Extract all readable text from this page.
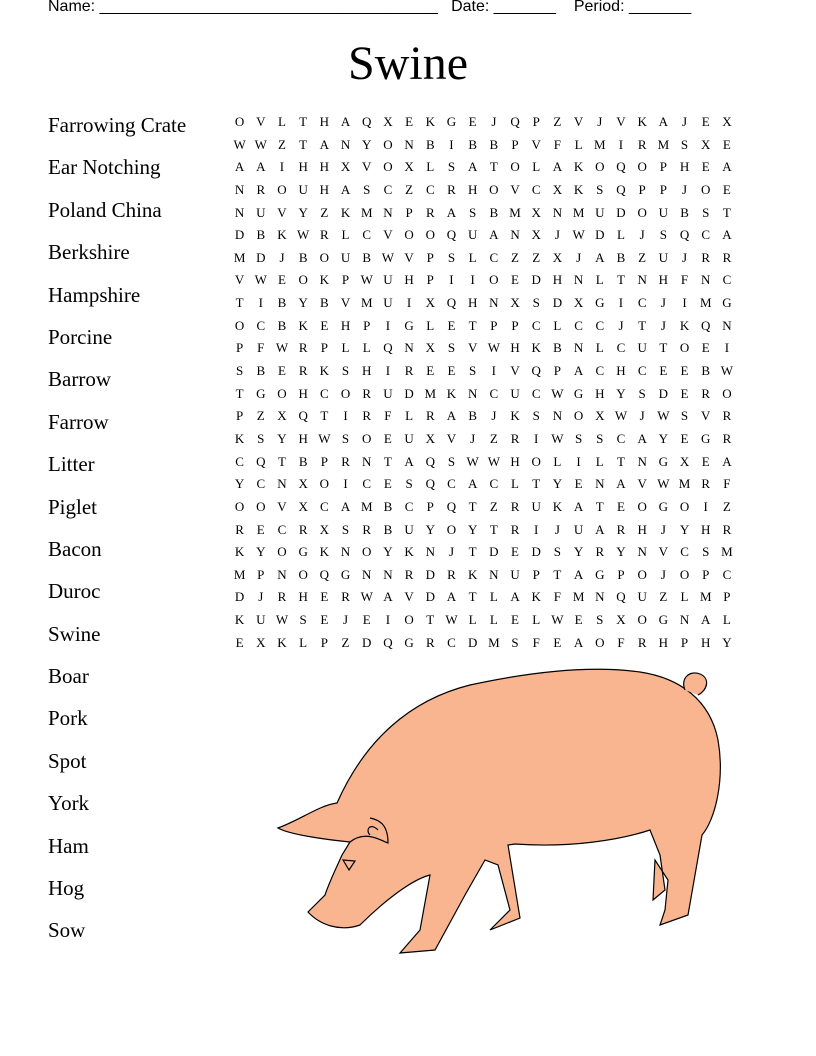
Name: ______________________________________ Date: _______ Period: _______
Swine
Farrowing Crate
Ear Notching
Poland China
Berkshire
Hampshire
Porcine
Barrow
Farrow
Litter
Piglet
Bacon
Duroc
Swine
Boar
Pork
Spot
York
Ham
Hog
Sow
O V L	T H A Q X E K G E	J	Q P	Z V	J	V K A	J	E X
W W Z	T A N Y O N B	I	B B	P V F	L M	I	R M S X E
A A	I	H H X V O X L	S A T O L A K O Q O P H E A
N R O U H A S	C Z C R H O V C X K S Q P	P	J	O E
N U V Y Z K M N P	R A S	B M X N M U D O U B	S	T
D B K W R L C V O O Q U A N X	J W D L	J	S Q C A
M D	J	B O U B W V P	S	L C Z	Z X	J	A B Z U	J	R R
V W E O K P W U H P	I	I	O E D H N L	T N H F N C
T	I	B Y B V M U	I	X Q H N X S D X G	I	C	J	I	M G
O C B K E H P	I	G L	E	T	P	P	C L C C	J	T	J	K Q N
P	F W R	P	L	L Q N X S V W H K B N L C U T O E	I
S	B E R K S H	I	R E	E	S	I	V Q P A C H C E	E B W
T G O H C O R U D M K N C U C W G H Y S D E R O
P	Z X Q T	I	R	F	L R A B	J	K S N O X W J W S V R
K S Y H W S O E U X V	J	Z R	I W S	S	C A Y E G R
C Q T B	P	R N T A Q S W W H O L	I	L	T N G X E A
Y C N X O	I	C E	S Q C A C L	T Y E N A V W M R	F
O O V X C A M B C	P Q T	Z R U K A T	E O G O	I	Z
R E C R X S	R B U Y O Y T R	I	J	U A R H	J	Y H R
K Y O G K N O Y K N	J	T D E D S Y R Y N V C	S M
M P N O Q G N N R D R K N U P	T A G P O	J	O P	C
D	J	R H E R W A V D A T	L A K F M N Q U Z	L M P
K U W S	E	J	E	I	O T W L	L	E	L W E	S X O G N A L
E X K L	P	Z D Q G R C D M S	F	E A O F	R H P H Y
